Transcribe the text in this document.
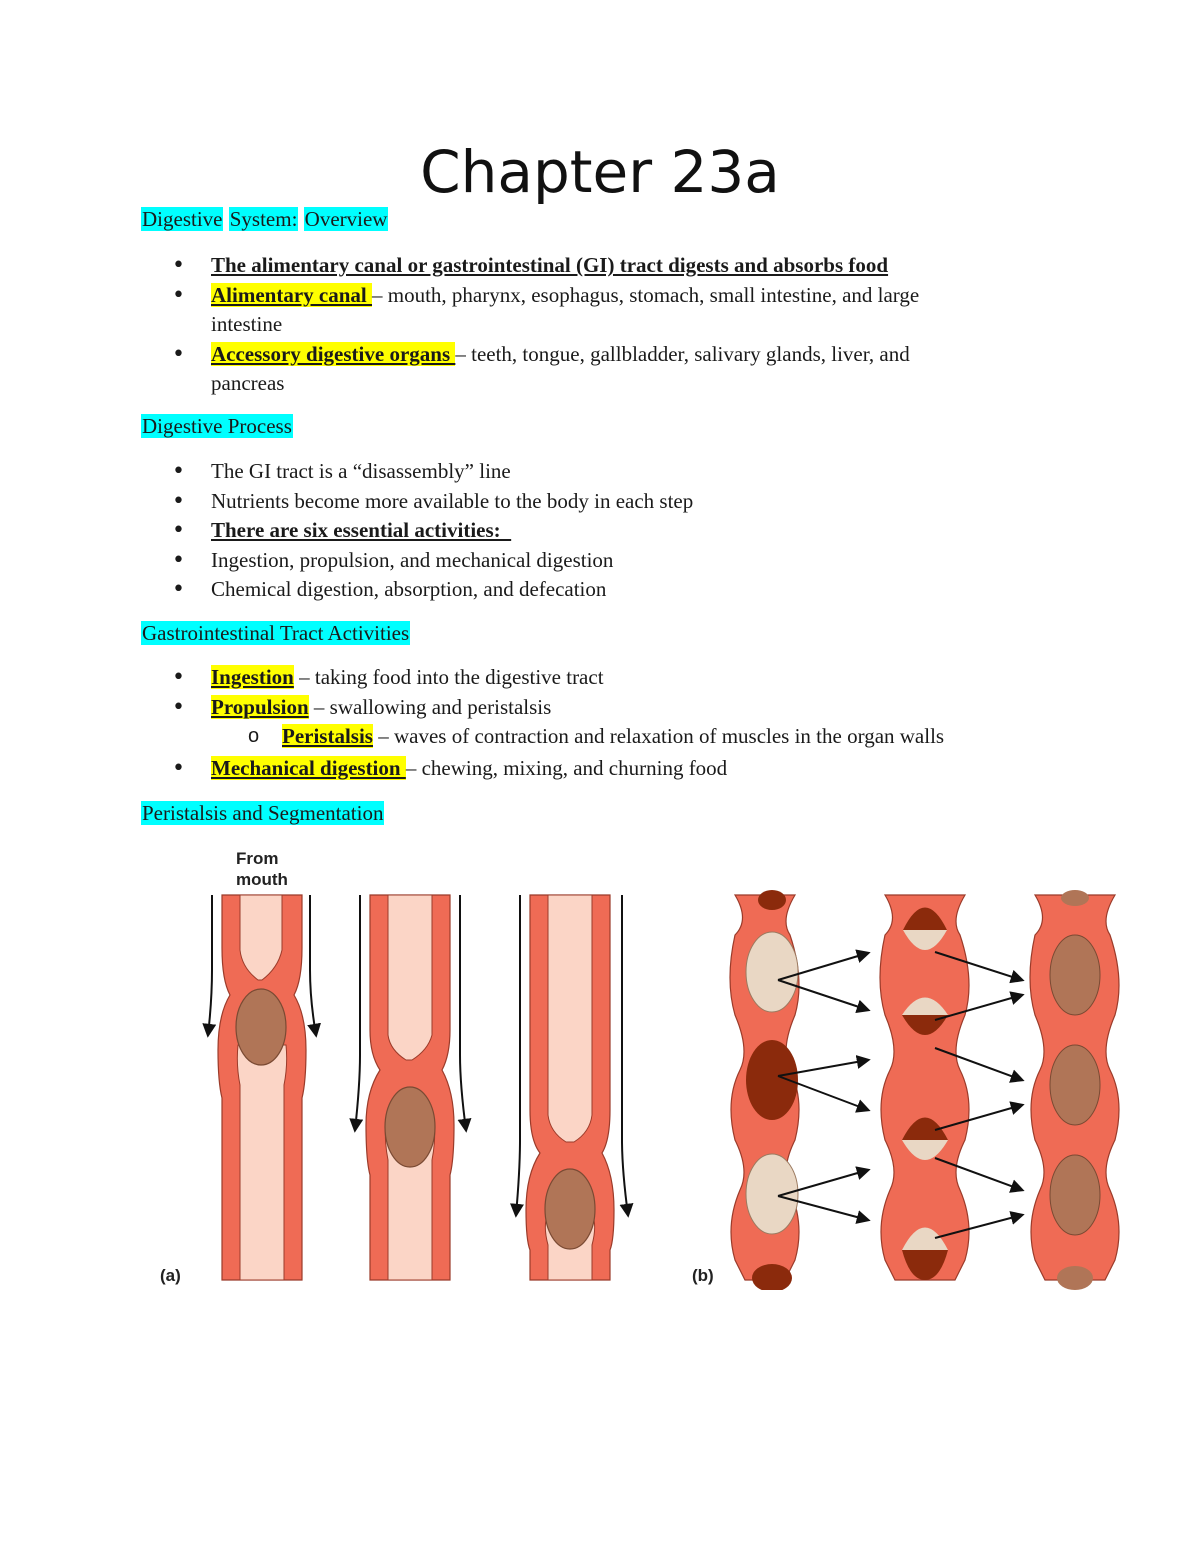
Chapter 23a

Digestive System: Overview

• The alimentary canal or gastrointestinal (GI) tract digests and absorbs food
• Alimentary canal – mouth, pharynx, esophagus, stomach, small intestine, and large
intestine
• Accessory digestive organs – teeth, tongue, gallbladder, salivary glands, liver, and
pancreas

Digestive Process

• The GI tract is a “disassembly” line
• Nutrients become more available to the body in each step
• There are six essential activities:
• Ingestion, propulsion, and mechanical digestion
• Chemical digestion, absorption, and defecation

Gastrointestinal Tract Activities

• Ingestion – taking food into the digestive tract
• Propulsion – swallowing and peristalsis
o Peristalsis – waves of contraction and relaxation of muscles in the organ walls
• Mechanical digestion – chewing, mixing, and churning food

Peristalsis and Segmentation

From
mouth
(a)	(b)
